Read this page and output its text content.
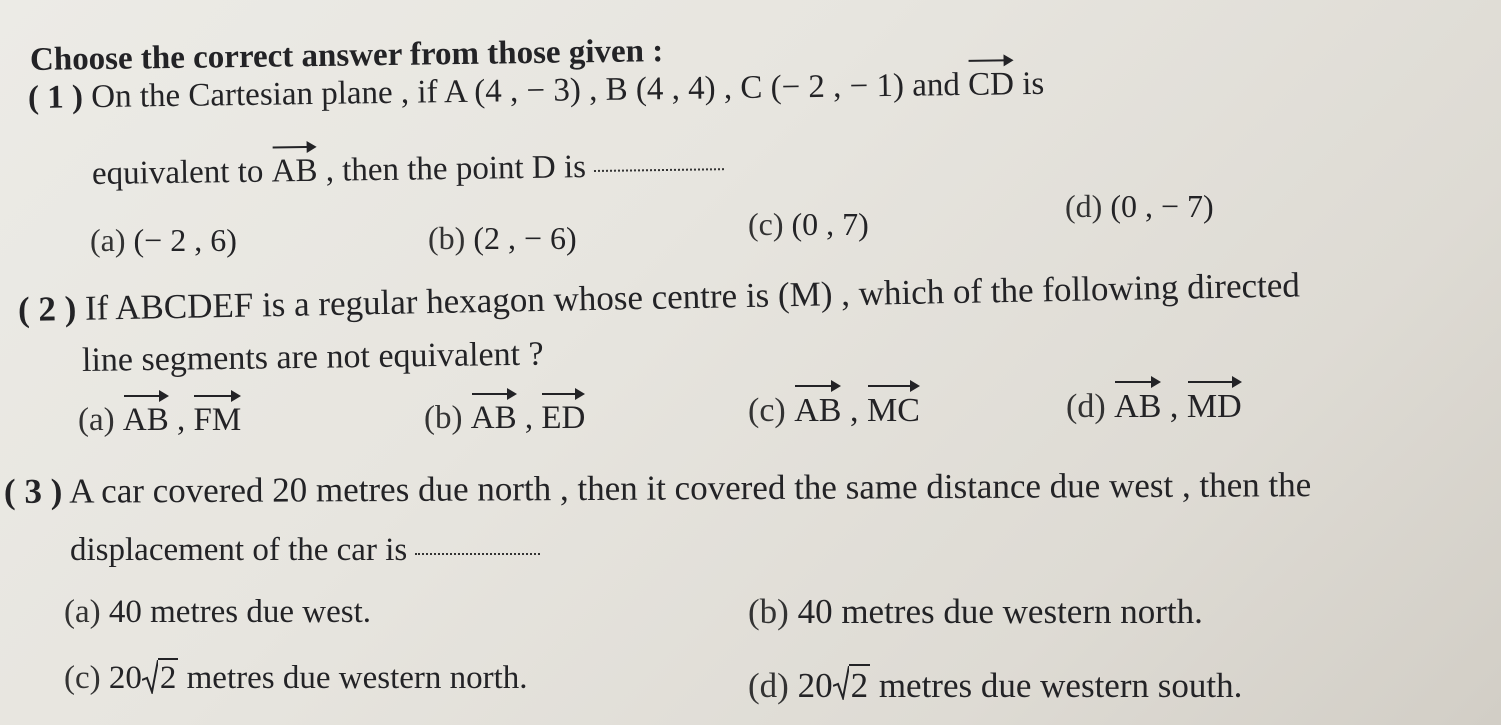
Choose the correct answer from those given :
( 1 ) On the Cartesian plane , if A (4 , − 3) , B (4 , 4) , C (− 2 , − 1) and CD is
equivalent to AB , then the point D is
(a) (− 2 , 6)	(b) (2 , − 6)	(c) (0 , 7)	(d) (0 , − 7)
( 2 ) If ABCDEF is a regular hexagon whose centre is (M) , which of the following directed
line segments are not equivalent ?
(a) AB , FM	(b) AB , ED	(c) AB , MC	(d) AB , MD
( 3 ) A car covered 20 metres due north , then it covered the same distance due west , then the
displacement of the car is
(a) 40 metres due west.	(b) 40 metres due western north.
(c) 20 2 metres due western north.	(d) 20 2 metres due western south.
